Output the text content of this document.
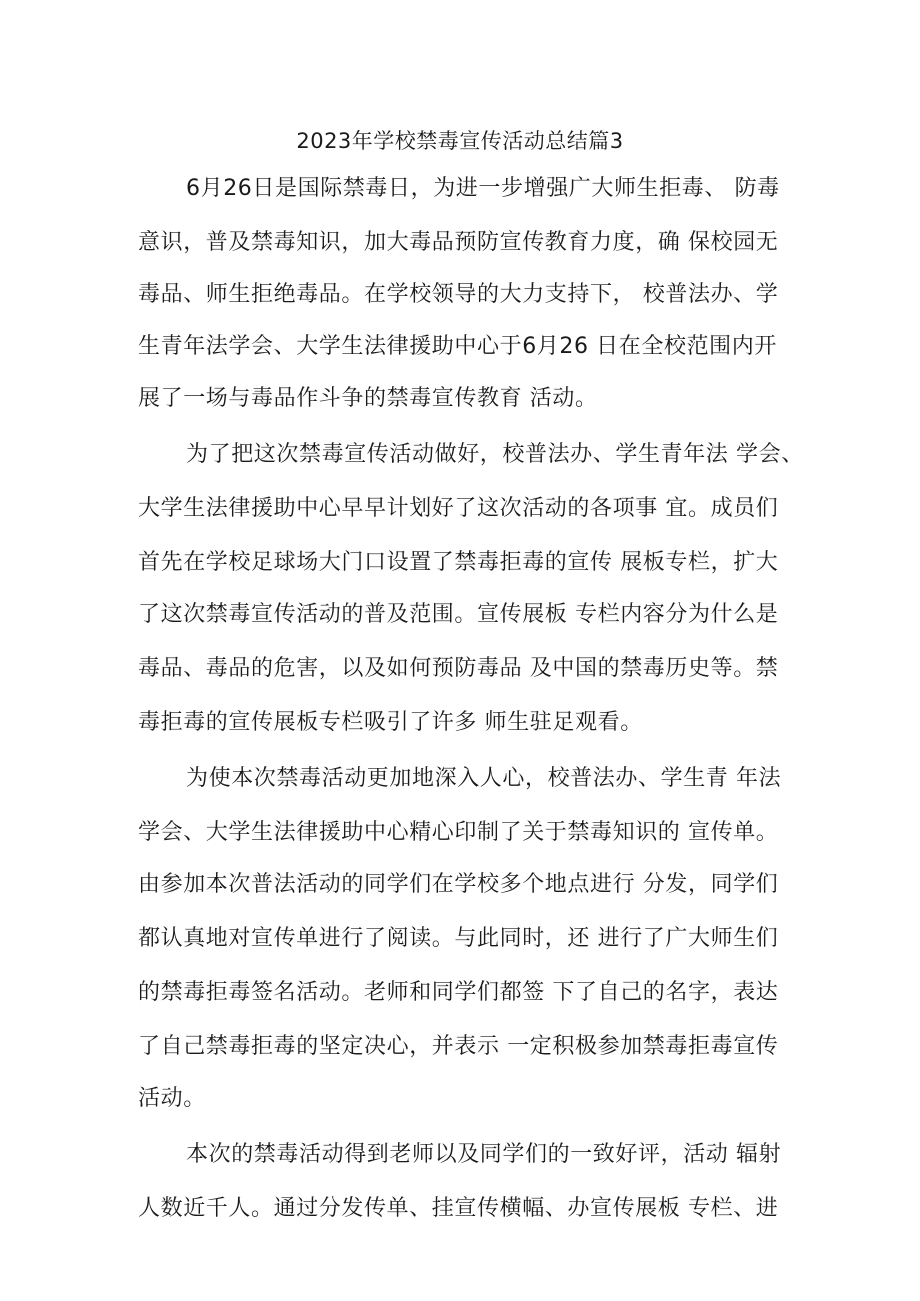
2023年学校禁毒宣传活动总结篇3
6月26日是国际禁毒日，为进一步增强广大师生拒毒、 防毒
意识，普及禁毒知识，加大毒品预防宣传教育力度，确 保校园无
毒品、师生拒绝毒品。在学校领导的大力支持下， 校普法办、学
生青年法学会、大学生法律援助中心于6月26 日在全校范围内开
展了一场与毒品作斗争的禁毒宣传教育 活动。
为了把这次禁毒宣传活动做好，校普法办、学生青年法 学会、
大学生法律援助中心早早计划好了这次活动的各项事 宜。成员们
首先在学校足球场大门口设置了禁毒拒毒的宣传 展板专栏，扩大
了这次禁毒宣传活动的普及范围。宣传展板 专栏内容分为什么是
毒品、毒品的危害，以及如何预防毒品 及中国的禁毒历史等。禁
毒拒毒的宣传展板专栏吸引了许多 师生驻足观看。
为使本次禁毒活动更加地深入人心，校普法办、学生青 年法
学会、大学生法律援助中心精心印制了关于禁毒知识的 宣传单。
由参加本次普法活动的同学们在学校多个地点进行 分发，同学们
都认真地对宣传单进行了阅读。与此同时，还 进行了广大师生们
的禁毒拒毒签名活动。老师和同学们都签 下了自己的名字，表达
了自己禁毒拒毒的坚定决心，并表示 一定积极参加禁毒拒毒宣传
活动。
本次的禁毒活动得到老师以及同学们的一致好评，活动 辐射
人数近千人。通过分发传单、挂宣传横幅、办宣传展板 专栏、进
